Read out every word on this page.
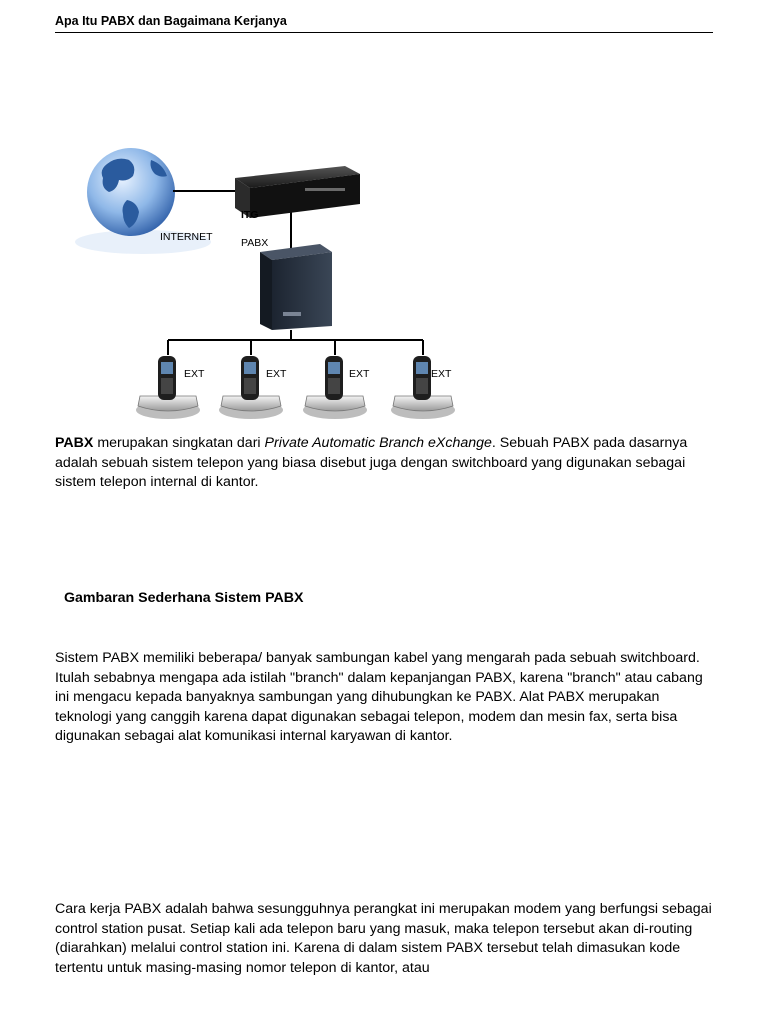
Apa Itu PABX dan Bagaimana Kerjanya
INTERNET
ITG
PABX
EXT	EXT	EXT	EXT
PABX merupakan singkatan dari Private Automatic Branch eXchange. Sebuah PABX pada dasarnya adalah sebuah sistem telepon yang biasa disebut juga dengan switchboard yang digunakan sebagai sistem telepon internal di kantor.
Gambaran Sederhana Sistem PABX
Sistem PABX memiliki beberapa/ banyak sambungan kabel yang mengarah pada sebuah switchboard. Itulah sebabnya mengapa ada istilah "branch" dalam kepanjangan PABX, karena "branch" atau cabang ini mengacu kepada banyaknya sambungan yang dihubungkan ke PABX. Alat PABX merupakan teknologi yang canggih karena dapat digunakan sebagai telepon, modem dan mesin fax, serta bisa digunakan sebagai alat komunikasi internal karyawan di kantor.
Cara kerja PABX adalah bahwa sesungguhnya perangkat ini merupakan modem yang berfungsi sebagai control station pusat. Setiap kali ada telepon baru yang masuk, maka telepon tersebut akan di-routing (diarahkan) melalui control station ini. Karena di dalam sistem PABX tersebut telah dimasukan kode tertentu untuk masing-masing nomor telepon di kantor, atau
